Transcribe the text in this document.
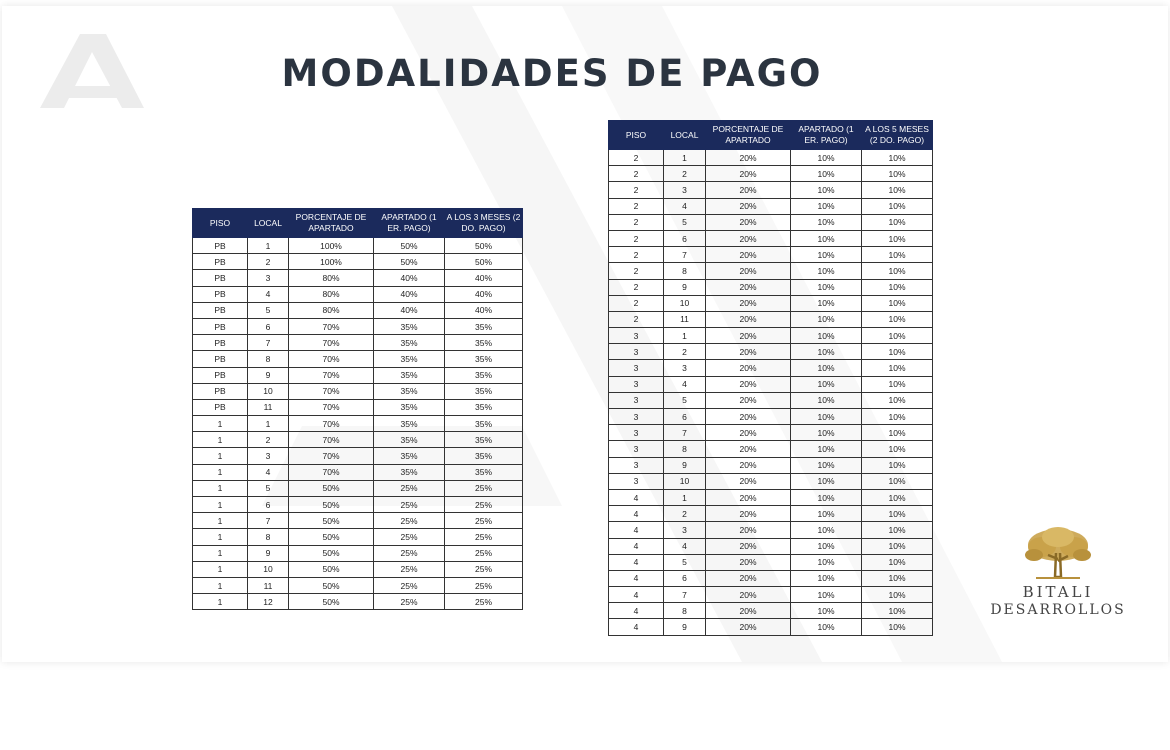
MODALIDADES DE PAGO
PISO	LOCAL	PORCENTAJE DE APARTADO	APARTADO (1 ER. PAGO)	A LOS 3 MESES (2 DO. PAGO)
PB	1	100%	50%	50%
PB	2	100%	50%	50%
PB	3	80%	40%	40%
PB	4	80%	40%	40%
PB	5	80%	40%	40%
PB	6	70%	35%	35%
PB	7	70%	35%	35%
PB	8	70%	35%	35%
PB	9	70%	35%	35%
PB	10	70%	35%	35%
PB	11	70%	35%	35%
1	1	70%	35%	35%
1	2	70%	35%	35%
1	3	70%	35%	35%
1	4	70%	35%	35%
1	5	50%	25%	25%
1	6	50%	25%	25%
1	7	50%	25%	25%
1	8	50%	25%	25%
1	9	50%	25%	25%
1	10	50%	25%	25%
1	11	50%	25%	25%
1	12	50%	25%	25%
PISO	LOCAL	PORCENTAJE DE APARTADO	APARTADO (1 ER. PAGO)	A LOS 5 MESES (2 DO. PAGO)
2	1	20%	10%	10%
2	2	20%	10%	10%
2	3	20%	10%	10%
2	4	20%	10%	10%
2	5	20%	10%	10%
2	6	20%	10%	10%
2	7	20%	10%	10%
2	8	20%	10%	10%
2	9	20%	10%	10%
2	10	20%	10%	10%
2	11	20%	10%	10%
3	1	20%	10%	10%
3	2	20%	10%	10%
3	3	20%	10%	10%
3	4	20%	10%	10%
3	5	20%	10%	10%
3	6	20%	10%	10%
3	7	20%	10%	10%
3	8	20%	10%	10%
3	9	20%	10%	10%
3	10	20%	10%	10%
4	1	20%	10%	10%
4	2	20%	10%	10%
4	3	20%	10%	10%
4	4	20%	10%	10%
4	5	20%	10%	10%
4	6	20%	10%	10%
4	7	20%	10%	10%
4	8	20%	10%	10%
4	9	20%	10%	10%
BITALI
DESARROLLOS
